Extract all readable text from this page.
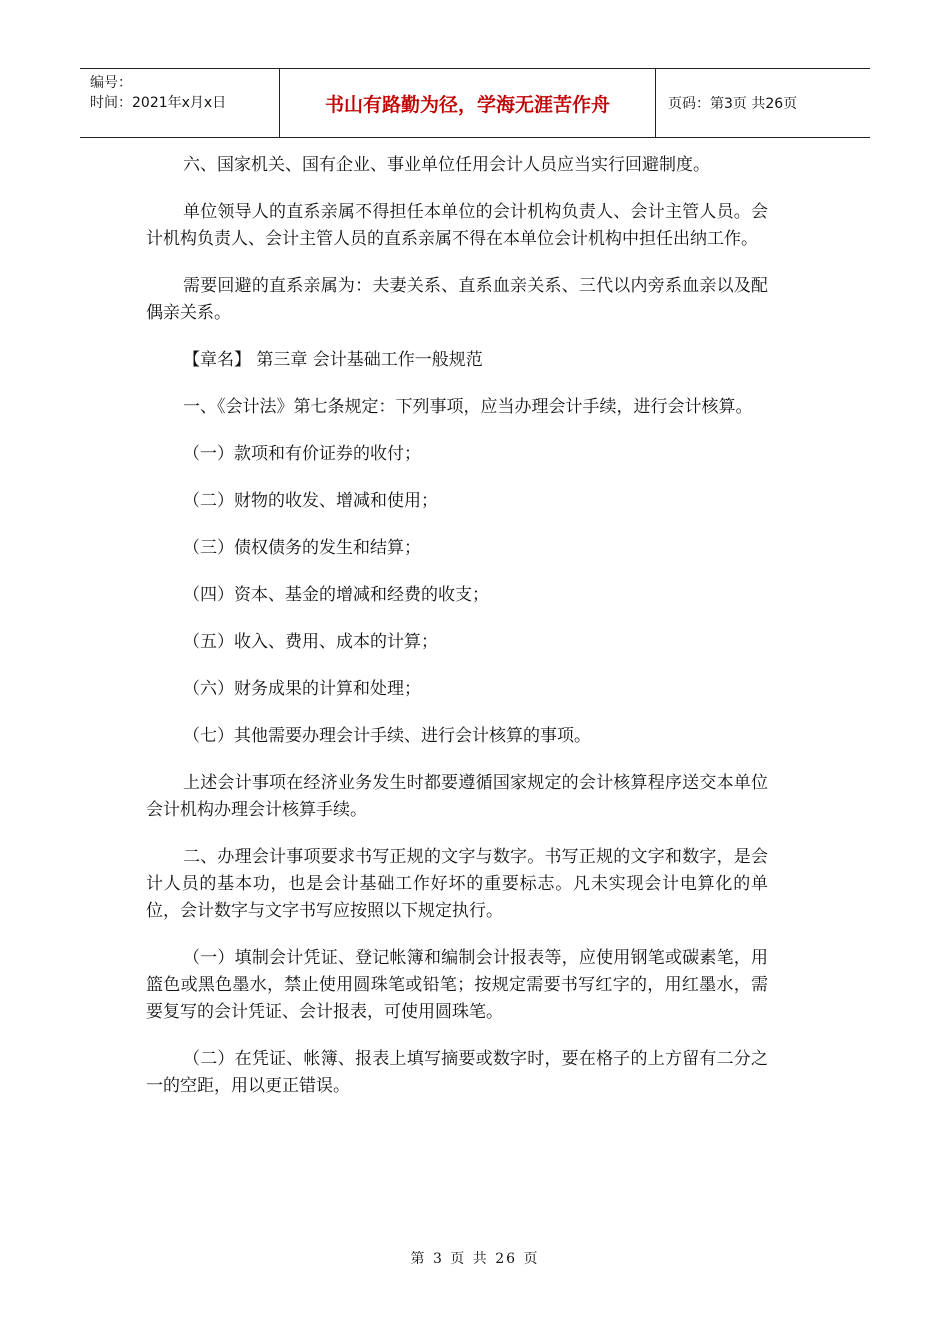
编号：
时间：2021年x月x日	书山有路勤为径，学海无涯苦作舟	页码：第3页 共26页

六、国家机关、国有企业、事业单位任用会计人员应当实行回避制度。

单位领导人的直系亲属不得担任本单位的会计机构负责人、会计主管人员。会计机构负责人、会计主管人员的直系亲属不得在本单位会计机构中担任出纳工作。

需要回避的直系亲属为：夫妻关系、直系血亲关系、三代以内旁系血亲以及配偶亲关系。

【章名】 第三章 会计基础工作一般规范

一、《会计法》第七条规定：下列事项，应当办理会计手续，进行会计核算。

（一）款项和有价证券的收付；

（二）财物的收发、增减和使用；

（三）债权债务的发生和结算；

（四）资本、基金的增减和经费的收支；

（五）收入、费用、成本的计算；

（六）财务成果的计算和处理；

（七）其他需要办理会计手续、进行会计核算的事项。

上述会计事项在经济业务发生时都要遵循国家规定的会计核算程序送交本单位会计机构办理会计核算手续。

二、办理会计事项要求书写正规的文字与数字。书写正规的文字和数字，是会计人员的基本功，也是会计基础工作好坏的重要标志。凡未实现会计电算化的单位，会计数字与文字书写应按照以下规定执行。

（一）填制会计凭证、登记帐簿和编制会计报表等，应使用钢笔或碳素笔，用篮色或黑色墨水，禁止使用圆珠笔或铅笔；按规定需要书写红字的，用红墨水，需要复写的会计凭证、会计报表，可使用圆珠笔。

（二）在凭证、帐簿、报表上填写摘要或数字时，要在格子的上方留有二分之一的空距，用以更正错误。

第 3 页 共 26 页
